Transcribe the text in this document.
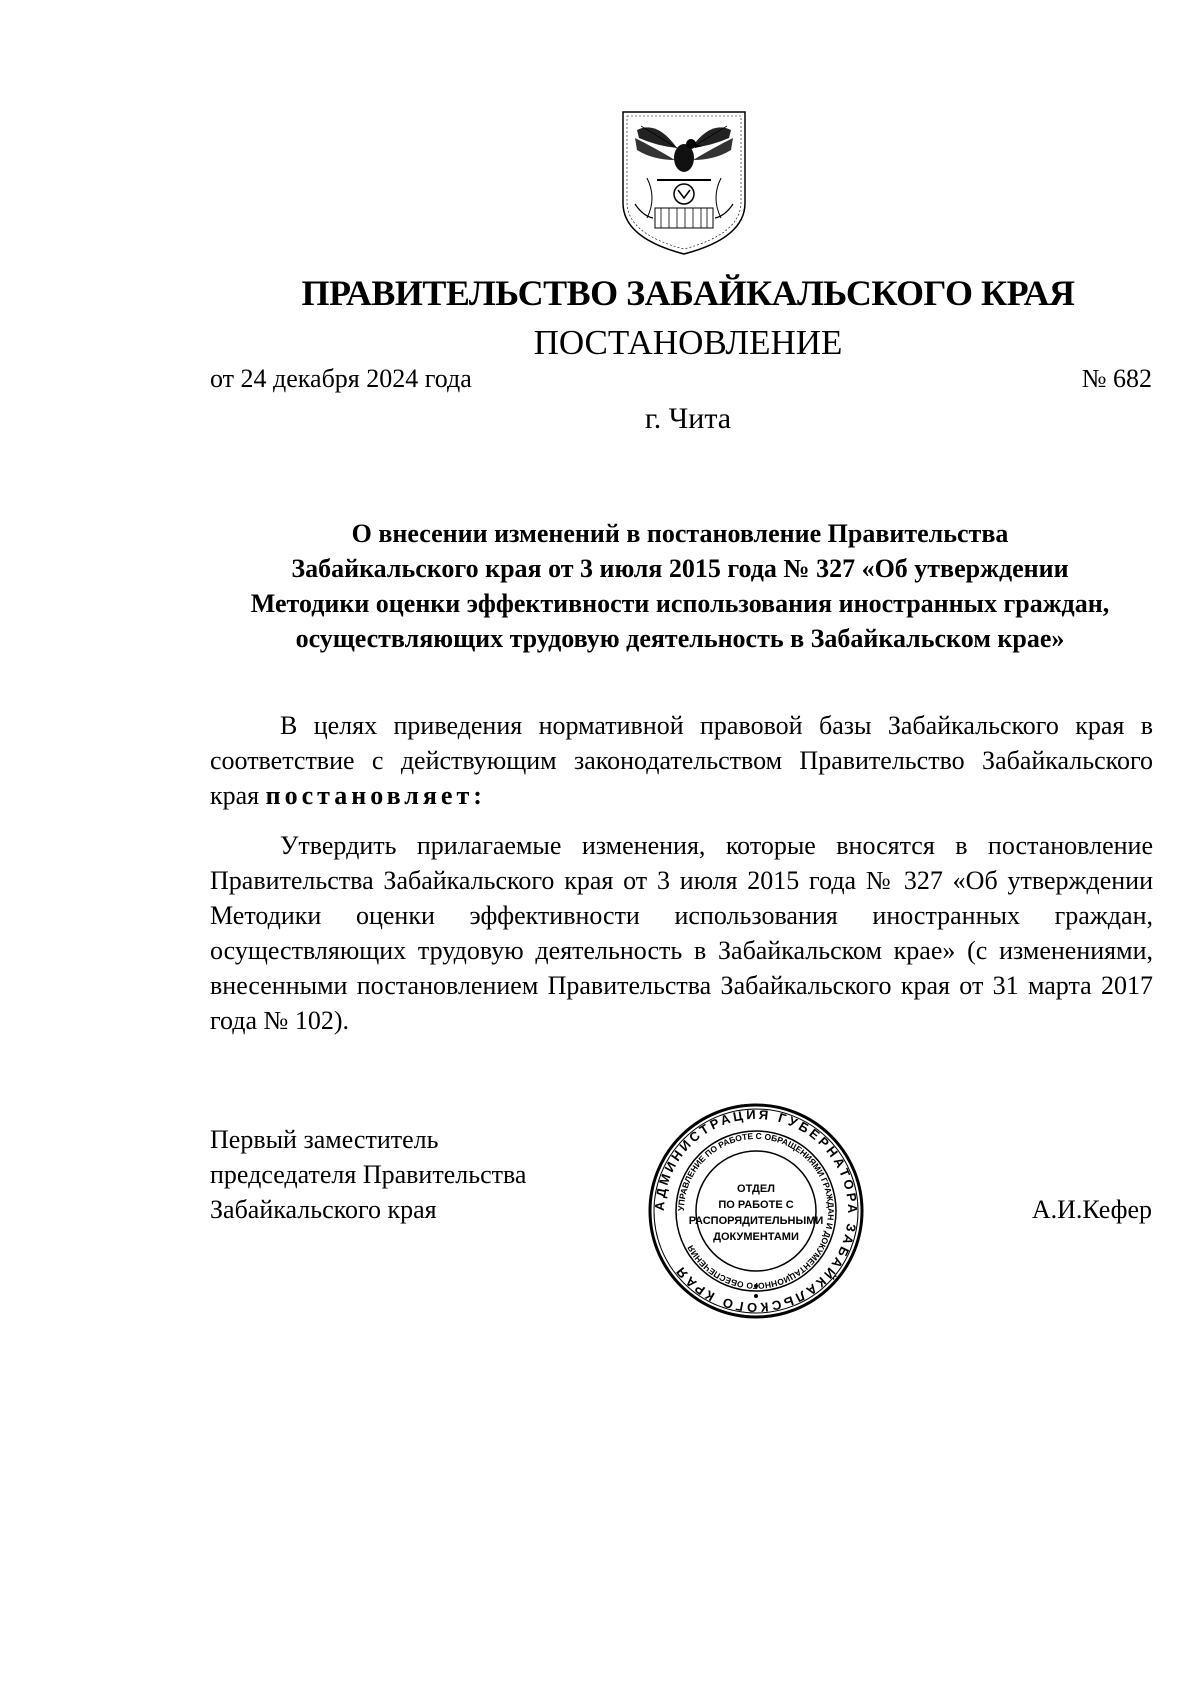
ПРАВИТЕЛЬСТВО ЗАБАЙКАЛЬСКОГО КРАЯ
ПОСТАНОВЛЕНИЕ
от 24 декабря 2024 года	№ 682
г. Чита
О внесении изменений в постановление Правительства
Забайкальского края от 3 июля 2015 года № 327 «Об утверждении
Методики оценки эффективности использования иностранных граждан,
осуществляющих трудовую деятельность в Забайкальском крае»
В целях приведения нормативной правовой базы Забайкальского края в соответствие с действующим законодательством Правительство Забайкальского края постановляет:
Утвердить прилагаемые изменения, которые вносятся в постановление Правительства Забайкальского края от 3 июля 2015 года № 327 «Об утверждении Методики оценки эффективности использования иностранных граждан, осуществляющих трудовую деятельность в Забайкальском крае» (с изменениями, внесенными постановлением Правительства Забайкальского края от 31 марта 2017 года № 102).
Первый заместитель
председателя Правительства
Забайкальского края	АДМИНИСТРАЦИЯ ГУБЕРНАТОРА ЗАБАЙКАЛЬСКОГО КРАЯ
УПРАВЛЕНИЕ ПО РАБОТЕ С ОБРАЩЕНИЯМИ ГРАЖДАН И ДОКУМЕНТАЦИОННО О ОБЕСПЕЧЕНИЯ
ОТДЕЛ
ПО РАБОТЕ С
РАСПОРЯДИТЕЛЬНЫМИ
ДОКУМЕНТАМИ
А.И.Кефер
